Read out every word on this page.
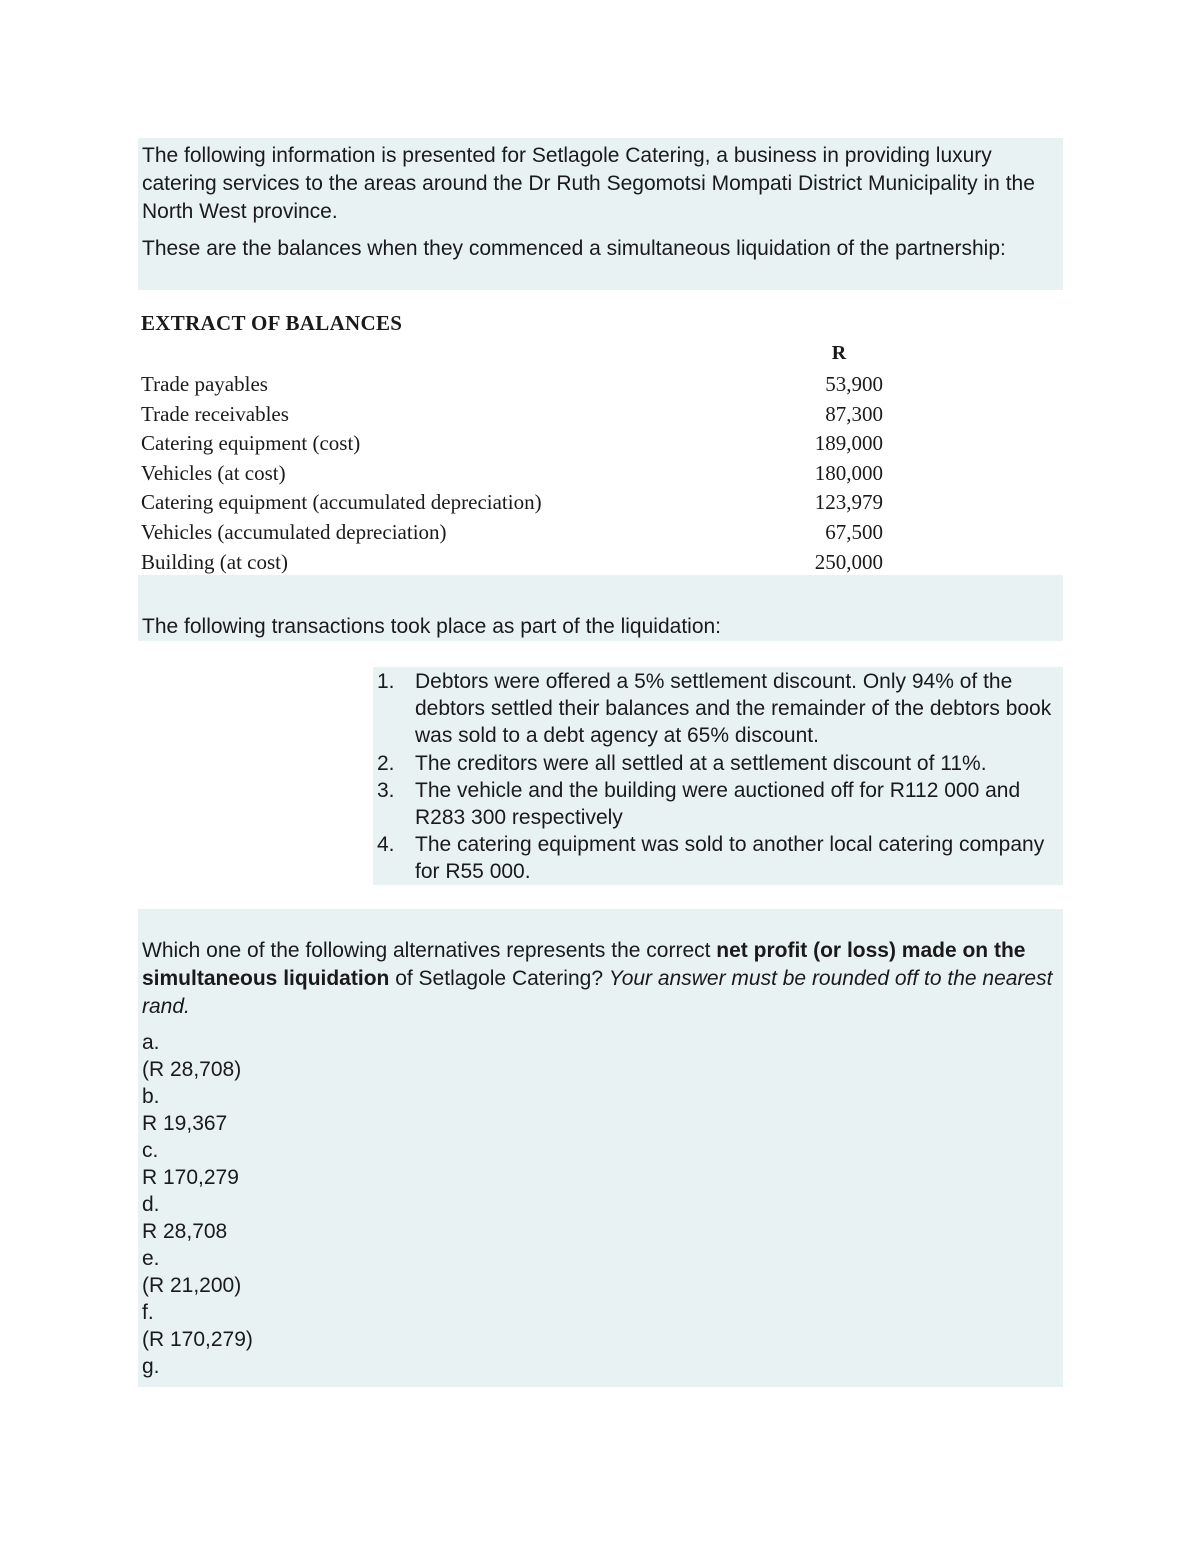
The following information is presented for Setlagole Catering, a business in providing luxury catering services to the areas around the Dr Ruth Segomotsi Mompati District Municipality in the North West province.

These are the balances when they commenced a simultaneous liquidation of the partnership:

EXTRACT OF BALANCES
R
Trade payables	53,900
Trade receivables	87,300
Catering equipment (cost)	189,000
Vehicles (at cost)	180,000
Catering equipment (accumulated depreciation)	123,979
Vehicles (accumulated depreciation)	67,500
Building (at cost)	250,000
The following transactions took place as part of the liquidation:
1. Debtors were offered a 5% settlement discount. Only 94% of the debtors settled their balances and the remainder of the debtors book was sold to a debt agency at 65% discount.
2. The creditors were all settled at a settlement discount of 11%.
3. The vehicle and the building were auctioned off for R112 000 and R283 300 respectively
4. The catering equipment was sold to another local catering company for R55 000.

Which one of the following alternatives represents the correct net profit (or loss) made on the simultaneous liquidation of Setlagole Catering? Your answer must be rounded off to the nearest rand.

a.
(R 28,708)
b.
R 19,367
c.
R 170,279
d.
R 28,708
e.
(R 21,200)
f.
(R 170,279)
g.
